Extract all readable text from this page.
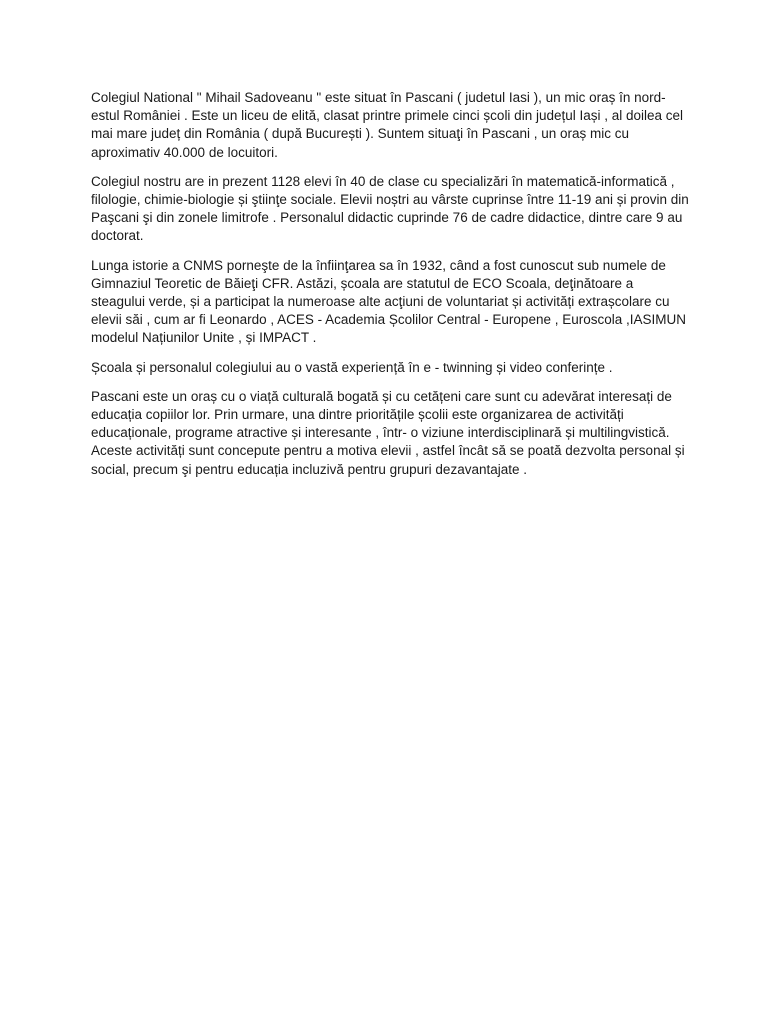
Colegiul National " Mihail Sadoveanu " este situat în Pascani ( judetul Iasi ), un mic oraș în nord-estul României . Este un liceu de elită, clasat printre primele cinci școli din județul Iași , al doilea cel mai mare județ din România ( după București ). Suntem situaţi în Pascani , un oraș mic cu aproximativ 40.000 de locuitori.

Colegiul nostru are in prezent 1128 elevi în 40 de clase cu specializări în matematică-informatică , filologie, chimie-biologie și ştiinţe sociale. Elevii noștri au vârste cuprinse între 11-19 ani și provin din Paşcani şi din zonele limitrofe . Personalul didactic cuprinde 76 de cadre didactice, dintre care 9 au doctorat.

Lunga istorie a CNMS porneşte de la înfiinţarea sa în 1932, când a fost cunoscut sub numele de Gimnaziul Teoretic de Băieţi CFR. Astăzi, școala are statutul de ECO Scoala, deţinătoare a steagului verde, și a participat la numeroase alte acţiuni de voluntariat și activități extrașcolare cu elevii săi , cum ar fi Leonardo , ACES - Academia Școlilor Central - Europene , Euroscola ,IASIMUN modelul Națiunilor Unite , și IMPACT .

Școala și personalul colegiului au o vastă experiență în e - twinning și video conferințe .

Pascani este un oraș cu o viață culturală bogată și cu cetățeni care sunt cu adevărat interesați de educația copiilor lor. Prin urmare, una dintre prioritățile școlii este organizarea de activități educaționale, programe atractive și interesante , într- o viziune interdisciplinară și multilingvistică. Aceste activități sunt concepute pentru a motiva elevii , astfel încât să se poată dezvolta personal și social, precum şi pentru educația incluzivă pentru grupuri dezavantajate .
